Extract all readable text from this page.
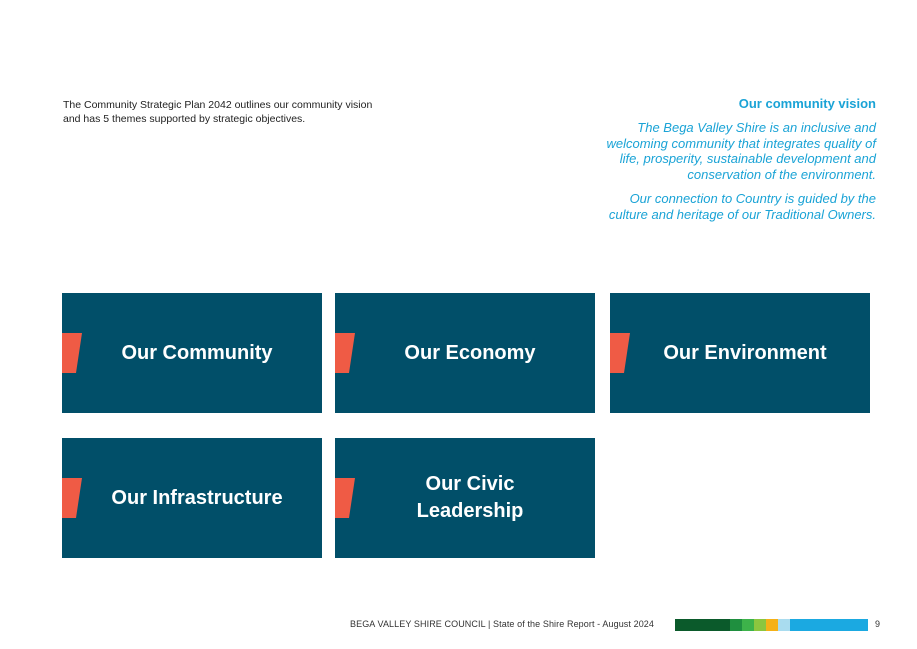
The Community Strategic Plan 2042 outlines our community vision
and has 5 themes supported by strategic objectives.
Our community vision

The Bega Valley Shire is an inclusive and welcoming community that integrates quality of life, prosperity, sustainable development and conservation of the environment.

Our connection to Country is guided by the culture and heritage of our Traditional Owners.

Our Community	Our Economy	Our Environment
Our Infrastructure
Our Civic Leadership
BEGA VALLEY SHIRE COUNCIL | State of the Shire Report - August 2024	9
